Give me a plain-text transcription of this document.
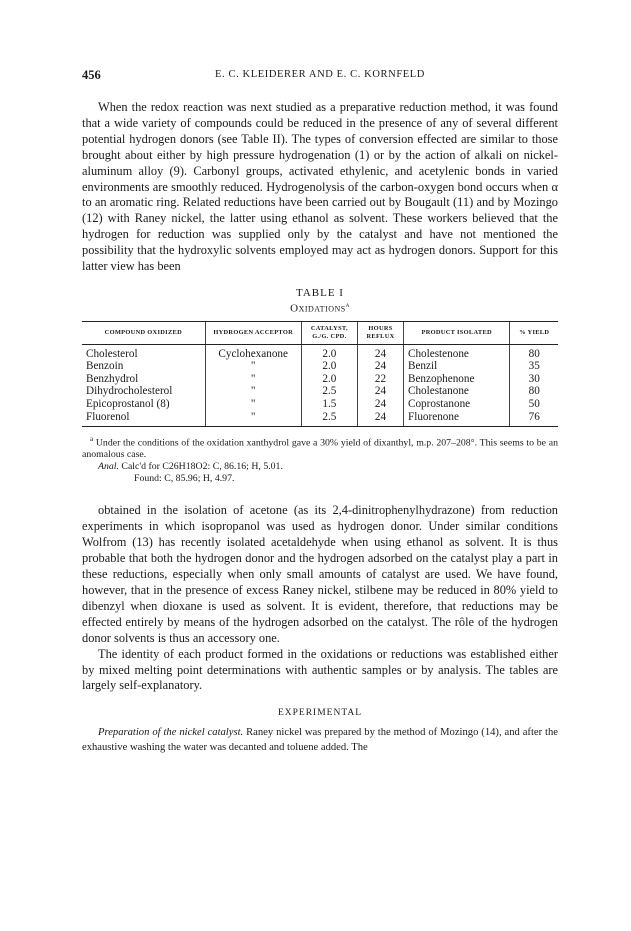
456	E. C. KLEIDERER AND E. C. KORNFELD

When the redox reaction was next studied as a preparative reduction method, it was found that a wide variety of compounds could be reduced in the presence of any of several different potential hydrogen donors (see Table II). The types of conversion effected are similar to those brought about either by high pressure hydrogenation (1) or by the action of alkali on nickel-aluminum alloy (9). Carbonyl groups, activated ethylenic, and acetylenic bonds in varied environments are smoothly reduced. Hydrogenolysis of the carbon-oxygen bond occurs when α to an aromatic ring. Related reductions have been carried out by Bougault (11) and by Mozingo (12) with Raney nickel, the latter using ethanol as solvent. These workers believed that the hydrogen for reduction was supplied only by the catalyst and have not mentioned the possibility that the hydroxylic solvents employed may act as hydrogen donors. Support for this latter view has been

TABLE I
Oxidations$^a$
COMPOUND OXIDIZED	HYDROGEN ACCEPTOR	CATALYST, G./G. CPD.	HOURS REFLUX	PRODUCT ISOLATED	% YIELD
Cholesterol	Cyclohexanone	2.0	24	Cholestenone	80
Benzoin	"	2.0	24	Benzil	35
Benzhydrol	"	2.0	22	Benzophenone	30
Dihydrocholesterol	"	2.5	24	Cholestanone	80
Epicoprostanol (8)	"	1.5	24	Coprostanone	50
Fluorenol	"	2.5	24	Fluorenone	76
$^a$ Under the conditions of the oxidation xanthydrol gave a 30% yield of dixanthyl, m.p. 207–208°. This seems to be an anomalous case.
Anal. Calc'd for C26H18O2: C, 86.16; H, 5.01.
Found: C, 85.96; H, 4.97.

obtained in the isolation of acetone (as its 2,4-dinitrophenylhydrazone) from reduction experiments in which isopropanol was used as hydrogen donor. Under similar conditions Wolfrom (13) has recently isolated acetaldehyde when using ethanol as solvent. It is thus probable that both the hydrogen donor and the hydrogen adsorbed on the catalyst play a part in these reductions, especially when only small amounts of catalyst are used. We have found, however, that in the presence of excess Raney nickel, stilbene may be reduced in 80% yield to dibenzyl when dioxane is used as solvent. It is evident, therefore, that reductions may be effected entirely by means of the hydrogen adsorbed on the catalyst. The rôle of the hydrogen donor solvents is thus an accessory one.

The identity of each product formed in the oxidations or reductions was established either by mixed melting point determinations with authentic samples or by analysis. The tables are largely self-explanatory.

EXPERIMENTAL

Preparation of the nickel catalyst. Raney nickel was prepared by the method of Mozingo (14), and after the exhaustive washing the water was decanted and toluene added. The
